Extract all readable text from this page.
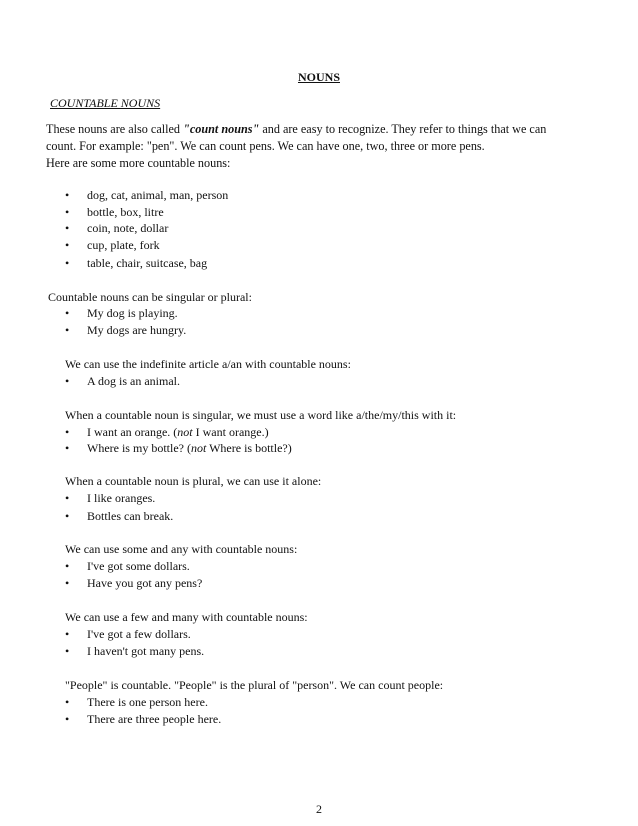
NOUNS
COUNTABLE NOUNS
These nouns are also called "count nouns" and are easy to recognize. They refer to things that we can
count. For example: "pen". We can count pens. We can have one, two, three or more pens.
Here are some more countable nouns:
• dog, cat, animal, man, person
• bottle, box, litre
• coin, note, dollar
• cup, plate, fork
• table, chair, suitcase, bag
Countable nouns can be singular or plural:
• My dog is playing.
• My dogs are hungry.
We can use the indefinite article a/an with countable nouns:
• A dog is an animal.
When a countable noun is singular, we must use a word like a/the/my/this with it:
• I want an orange. (not I want orange.)
• Where is my bottle? (not Where is bottle?)
When a countable noun is plural, we can use it alone:
• I like oranges.
• Bottles can break.
We can use some and any with countable nouns:
• I've got some dollars.
• Have you got any pens?
We can use a few and many with countable nouns:
• I've got a few dollars.
• I haven't got many pens.
"People" is countable. "People" is the plural of "person". We can count people:
• There is one person here.
• There are three people here.
2
